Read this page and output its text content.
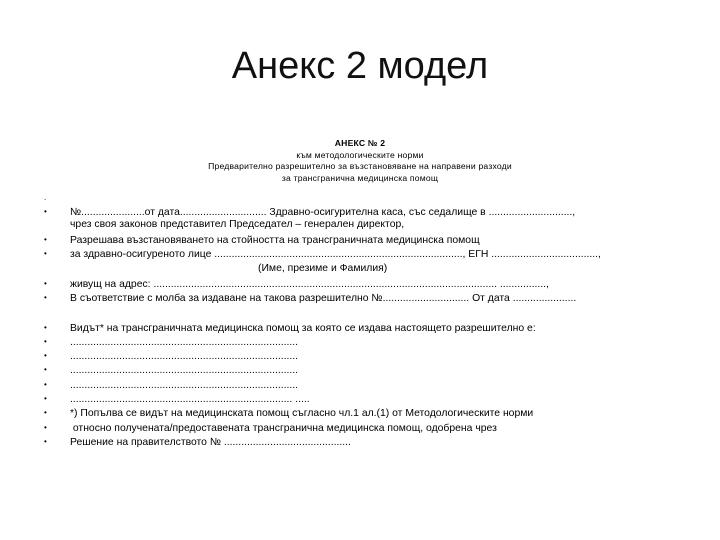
Анекс 2 модел
АНЕКС № 2
към методологическите норми
Предварително разрешително за възстановяване на направени разходи
за трансгранична медицинска помощ
.
•
•
•
•
•
•
•
•
•
•
•
•
•
•
№......................от дата.............................. Здравно-осигурителна каса, със седалище в .............................,
чрез своя законов представител Председател – генерален директор,
Разрешава възстановяването на стойността на трансграничната медицинска помощ
за здравно-осигуреното лице ......................................................................................, ЕГН .....................................,
(Име, презиме и Фамилия)
живущ на адрес: ....................................................................................................................... ................,
В съответствие с молба за издаване на такова разрешително №.............................. От дата ......................
Видът* на трансграничната медицинска помощ за която се издава настоящето разрешително е:
...............................................................................
...............................................................................
...............................................................................
...............................................................................
............................................................................. .....
*) Попълва се видът на медицинската помощ съгласно чл.1 ал.(1) от Методологическите норми
относно получената/предоставената трансгранична медицинска помощ, одобрена чрез
Решение на правителството № ............................................
